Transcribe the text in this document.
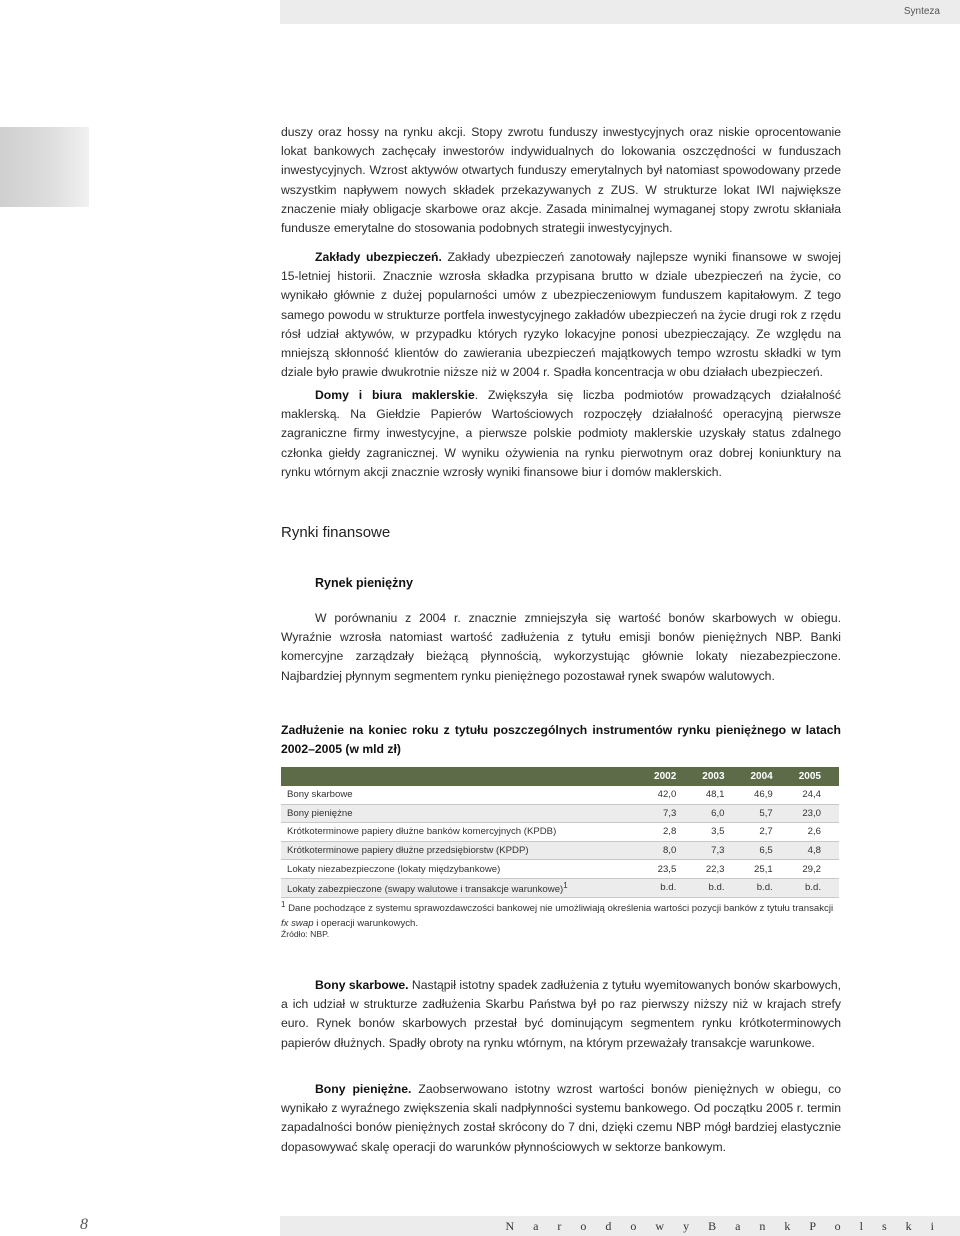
Synteza

duszy oraz hossy na rynku akcji. Stopy zwrotu funduszy inwestycyjnych oraz niskie oprocentowanie lokat bankowych zachęcały inwestorów indywidualnych do lokowania oszczędności w funduszach inwestycyjnych. Wzrost aktywów otwartych funduszy emerytalnych był natomiast spowodowany przede wszystkim napływem nowych składek przekazywanych z ZUS. W strukturze lokat IWI największe znaczenie miały obligacje skarbowe oraz akcje. Zasada minimalnej wymaganej stopy zwrotu skłaniała fundusze emerytalne do stosowania podobnych strategii inwestycyjnych.

Zakłady ubezpieczeń. Zakłady ubezpieczeń zanotowały najlepsze wyniki finansowe w swojej 15-letniej historii. Znacznie wzrosła składka przypisana brutto w dziale ubezpieczeń na życie, co wynikało głównie z dużej popularności umów z ubezpieczeniowym funduszem kapitałowym. Z tego samego powodu w strukturze portfela inwestycyjnego zakładów ubezpieczeń na życie drugi rok z rzędu rósł udział aktywów, w przypadku których ryzyko lokacyjne ponosi ubezpieczający. Ze względu na mniejszą skłonność klientów do zawierania ubezpieczeń majątkowych tempo wzrostu składki w tym dziale było prawie dwukrotnie niższe niż w 2004 r. Spadła koncentracja w obu działach ubezpieczeń.

Domy i biura maklerskie. Zwiększyła się liczba podmiotów prowadzących działalność maklerską. Na Giełdzie Papierów Wartościowych rozpoczęły działalność operacyjną pierwsze zagraniczne firmy inwestycyjne, a pierwsze polskie podmioty maklerskie uzyskały status zdalnego członka giełdy zagranicznej. W wyniku ożywienia na rynku pierwotnym oraz dobrej koniunktury na rynku wtórnym akcji znacznie wzrosły wyniki finansowe biur i domów maklerskich.

Rynki finansowe
Rynek pieniężny

W porównaniu z 2004 r. znacznie zmniejszyła się wartość bonów skarbowych w obiegu. Wyraźnie wzrosła natomiast wartość zadłużenia z tytułu emisji bonów pieniężnych NBP. Banki komercyjne zarządzały bieżącą płynnością, wykorzystując głównie lokaty niezabezpieczone. Najbardziej płynnym segmentem rynku pieniężnego pozostawał rynek swapów walutowych.

Zadłużenie na koniec roku z tytułu poszczególnych instrumentów rynku pieniężnego w latach 2002–2005 (w mld zł)
	2002	2003	2004	2005
Bony skarbowe	42,0	48,1	46,9	24,4
Bony pieniężne	7,3	6,0	5,7	23,0
Krótkoterminowe papiery dłużne banków komercyjnych (KPDB)	2,8	3,5	2,7	2,6
Krótkoterminowe papiery dłużne przedsiębiorstw (KPDP)	8,0	7,3	6,5	4,8
Lokaty niezabezpieczone (lokaty międzybankowe)	23,5	22,3	25,1	29,2
Lokaty zabezpieczone (swapy walutowe i transakcje warunkowe)$^1$	b.d.	b.d.	b.d.	b.d.
$^1$ Dane pochodzące z systemu sprawozdawczości bankowej nie umożliwiają określenia wartości pozycji banków z tytułu transakcji fx swap i operacji warunkowych.
Źródło: NBP.

Bony skarbowe. Nastąpił istotny spadek zadłużenia z tytułu wyemitowanych bonów skarbowych, a ich udział w strukturze zadłużenia Skarbu Państwa był po raz pierwszy niższy niż w krajach strefy euro. Rynek bonów skarbowych przestał być dominującym segmentem rynku krótkoterminowych papierów dłużnych. Spadły obroty na rynku wtórnym, na którym przeważały transakcje warunkowe.

Bony pieniężne. Zaobserwowano istotny wzrost wartości bonów pieniężnych w obiegu, co wynikało z wyraźnego zwiększenia skali nadpłynności systemu bankowego. Od początku 2005 r. termin zapadalności bonów pieniężnych został skrócony do 7 dni, dzięki czemu NBP mógł bardziej elastycznie dopasowywać skalę operacji do warunków płynnościowych w sektorze bankowym.

8	N a r o d o w y B a n k P o l s k i
